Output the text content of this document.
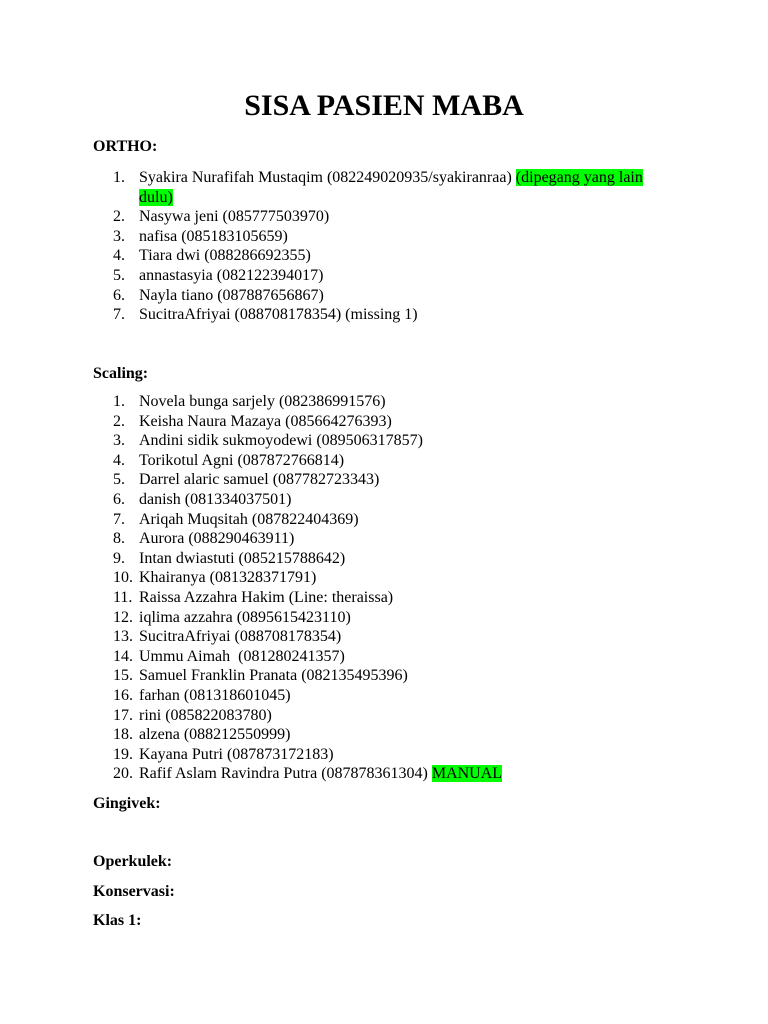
SISA PASIEN MABA
ORTHO:
1. Syakira Nurafifah Mustaqim (082249020935/syakiranraa) (dipegang yang lain dulu)
2. Nasywa jeni (085777503970)
3. nafisa (085183105659)
4. Tiara dwi (088286692355)
5. annastasyia (082122394017)
6. Nayla tiano (087887656867)
7. SucitraAfriyai (088708178354) (missing 1)
Scaling:
1. Novela bunga sarjely (082386991576)
2. Keisha Naura Mazaya (085664276393)
3. Andini sidik sukmoyodewi (089506317857)
4. Torikotul Agni (087872766814)
5. Darrel alaric samuel (087782723343)
6. danish (081334037501)
7. Ariqah Muqsitah (087822404369)
8. Aurora (088290463911)
9. Intan dwiastuti (085215788642)
10. Khairanya (081328371791)
11. Raissa Azzahra Hakim (Line: theraissa)
12. iqlima azzahra (0895615423110)
13. SucitraAfriyai (088708178354)
14. Ummu Aimah  (081280241357)
15. Samuel Franklin Pranata (082135495396)
16. farhan (081318601045)
17. rini (085822083780)
18. alzena (088212550999)
19. Kayana Putri (087873172183)
20. Rafif Aslam Ravindra Putra (087878361304) MANUAL
Gingivek:
Operkulek:
Konservasi:
Klas 1:
